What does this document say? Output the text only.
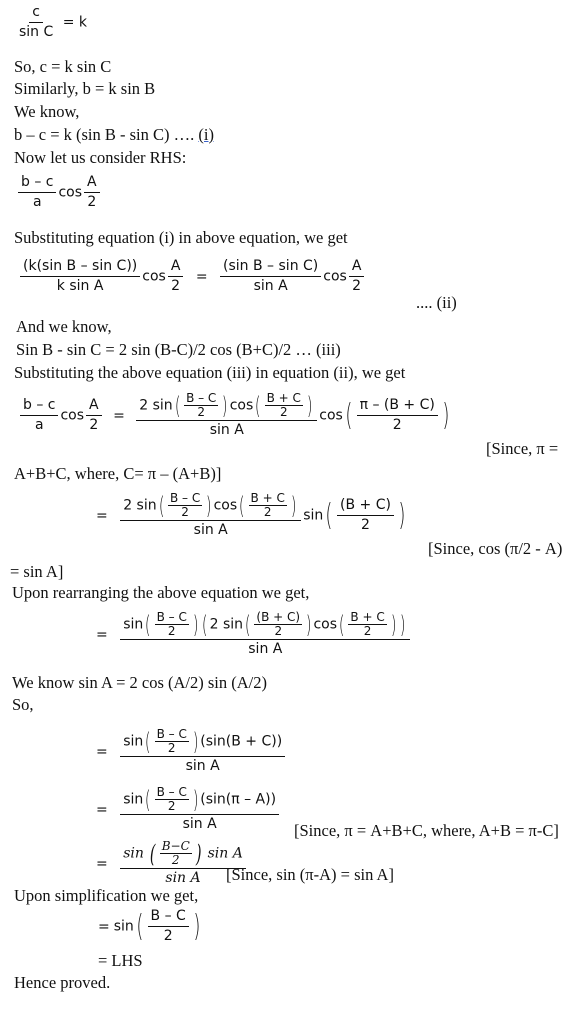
$\frac{c}{\text{sin C}} = k$
So, c = k sin C
Similarly, b = k sin B
We know,
b – c = k (sin B - sin C) …. (i)
Now let us consider RHS:
$\frac{b - c}{a}$ $\cos \frac{A}{2}$
Substituting equation (i) in above equation, we get
$\frac{\text{(k(sin B – sin C))}}{\text{k sin A}}$ $\cos \frac{A}{2} = \frac{\text{(sin B – sin C)}}{\text{sin A}}$ $\cos \frac{A}{2}$
.... (ii)
And we know,
Sin B - sin C = 2 sin (B-C)/2 cos (B+C)/2 … (iii)
Substituting the above equation (iii) in equation (ii), we get
$\frac{b - c}{a}$ $\cos \frac{A}{2} = \frac{2 \sin( \frac{B - C}{2} ) \cos( \frac{B + C}{2} )}{\text{sin A}} \cos( \frac{\pi - (B + C)}{2}$ )
[Since, π =
A+B+C, where, C= π – (A+B)]
= $\frac{2 \sin( \frac{B - C}{2} ) \cos( \frac{B + C}{2} )}{\text{sin A}} \sin( \frac{(B + C)}{2}$ )
[Since, cos (π/2 - A)
= sin A]
Upon rearranging the above equation we get,
= $\frac{\sin( \frac{B - C}{2} ) ( 2 \sin( \frac{(B + C)}{2} ) \cos( \frac{B + C}{2} ) )}{\text{sin A}}$
We know sin A = 2 cos (A/2) sin (A/2)
So,
= $\frac{\sin( \frac{B - C}{2} ) (\sin(B + C))}{\text{sin A}}$
= $\frac{\sin( \frac{B - C}{2} ) (\sin(\pi - A))}{\text{sin A}}$ [Since, π = A+B+C, where, A+B = π-C]
= $\frac{\sin ( \frac{B-C}{2} ) \sin A}{\text{sin A}}$
[Since, sin (π-A) = sin A]
Upon simplification we get,
= $\sin( \frac{B - C}{2}$ )
= LHS
Hence proved.
